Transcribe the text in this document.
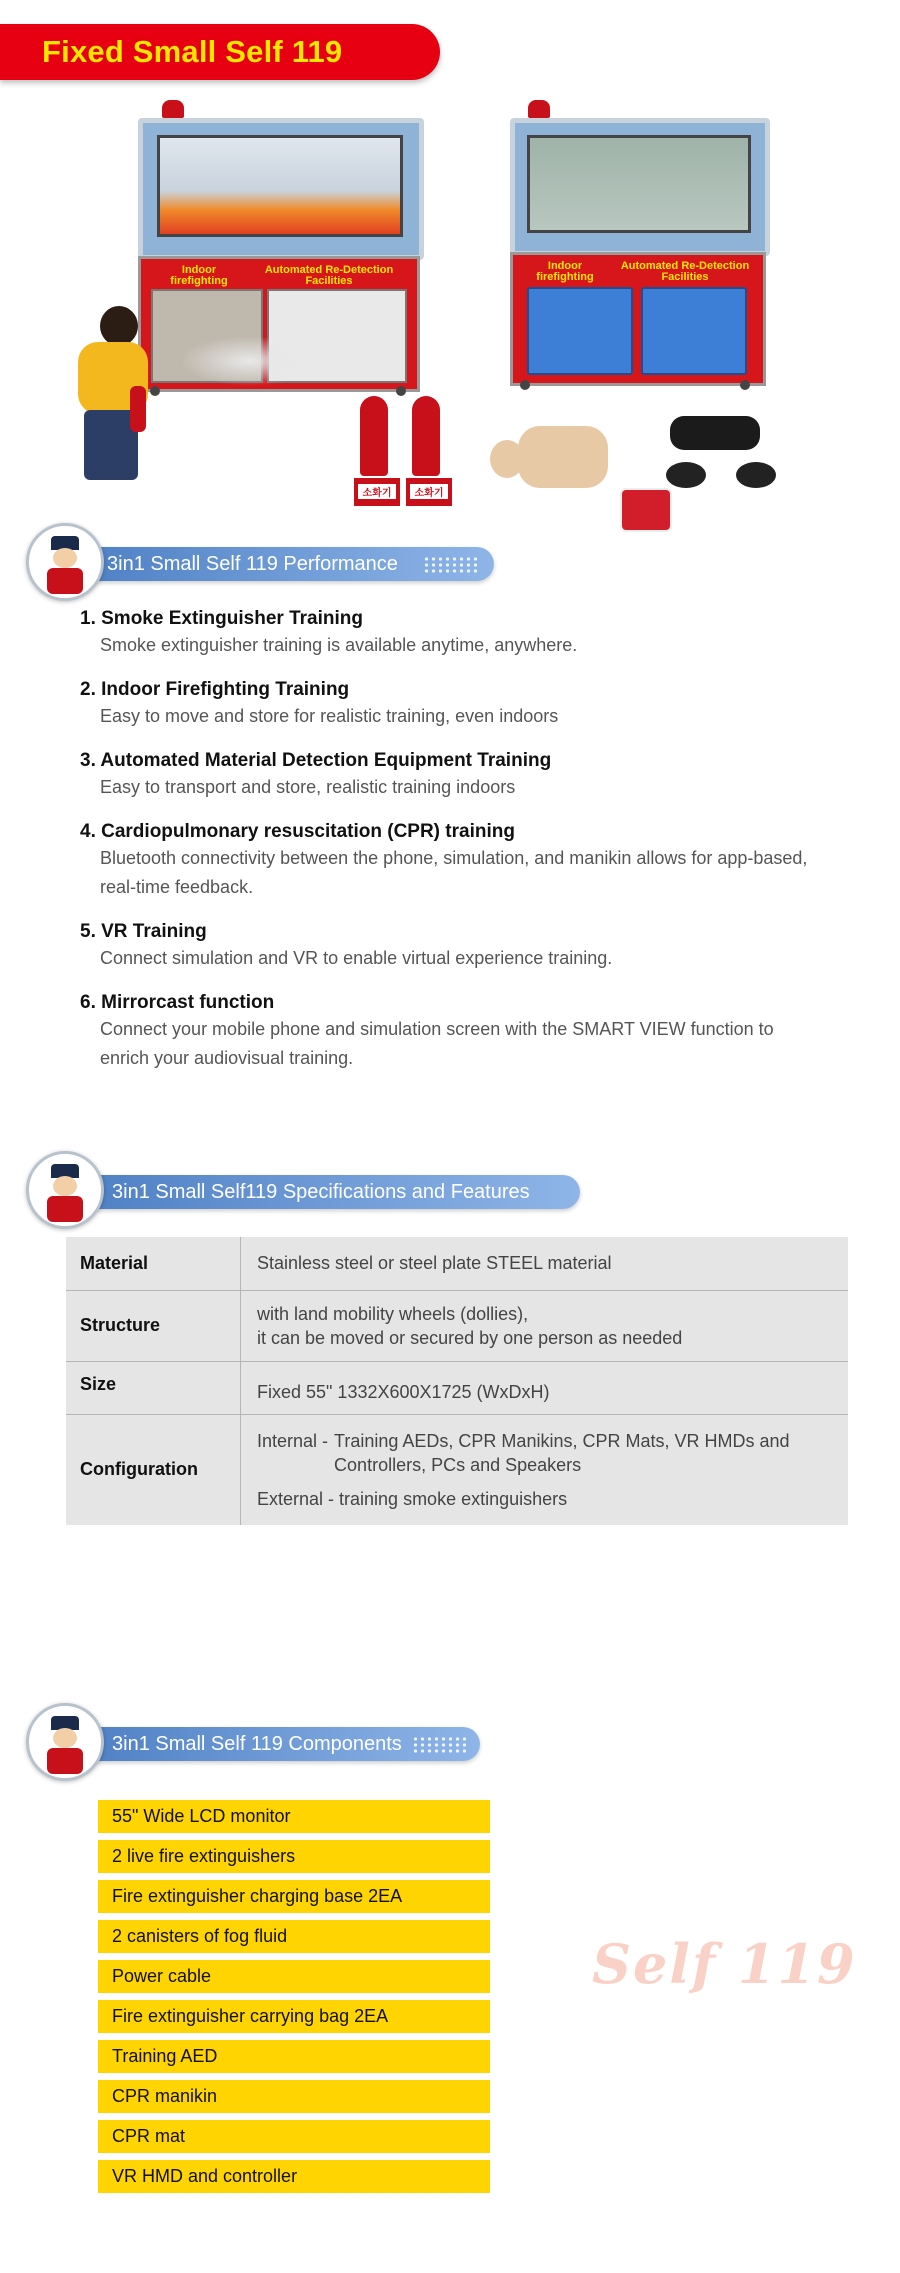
Fixed Small Self 119
Indoor firefighting
Automated Re-Detection Facilities
소화기	소화기
Indoor firefighting
Automated Re-Detection Facilities
3in1 Small Self 119 Performance
1. Smoke Extinguisher Training
Smoke extinguisher training is available anytime, anywhere.
2. Indoor Firefighting Training
Easy to move and store for realistic training, even indoors
3. Automated Material Detection Equipment Training
Easy to transport and store, realistic training indoors
4. Cardiopulmonary resuscitation (CPR) training
Bluetooth connectivity between the phone, simulation, and manikin allows for app-based, real-time feedback.
5. VR Training
Connect simulation and VR to enable virtual experience training.
6. Mirrorcast function
Connect your mobile phone and simulation screen with the SMART VIEW function to enrich your audiovisual training.
3in1 Small Self119 Specifications and Features
Material	Stainless steel or steel plate STEEL material

Structure	with land mobility wheels (dollies),
it can be moved or secured by one person as needed

Size	Fixed 55" 1332X600X1725 (WxDxH)

Configuration	Internal - Training AEDs, CPR Manikins, CPR Mats, VR HMDs and
Controllers, PCs and Speakers
External - training smoke extinguishers
3in1 Small Self 119 Components
55" Wide LCD monitor
2 live fire extinguishers
Fire extinguisher charging base 2EA
2 canisters of fog fluid
Power cable
Fire extinguisher carrying bag 2EA
Training AED
CPR manikin
CPR mat
VR HMD and controller
Self 119
